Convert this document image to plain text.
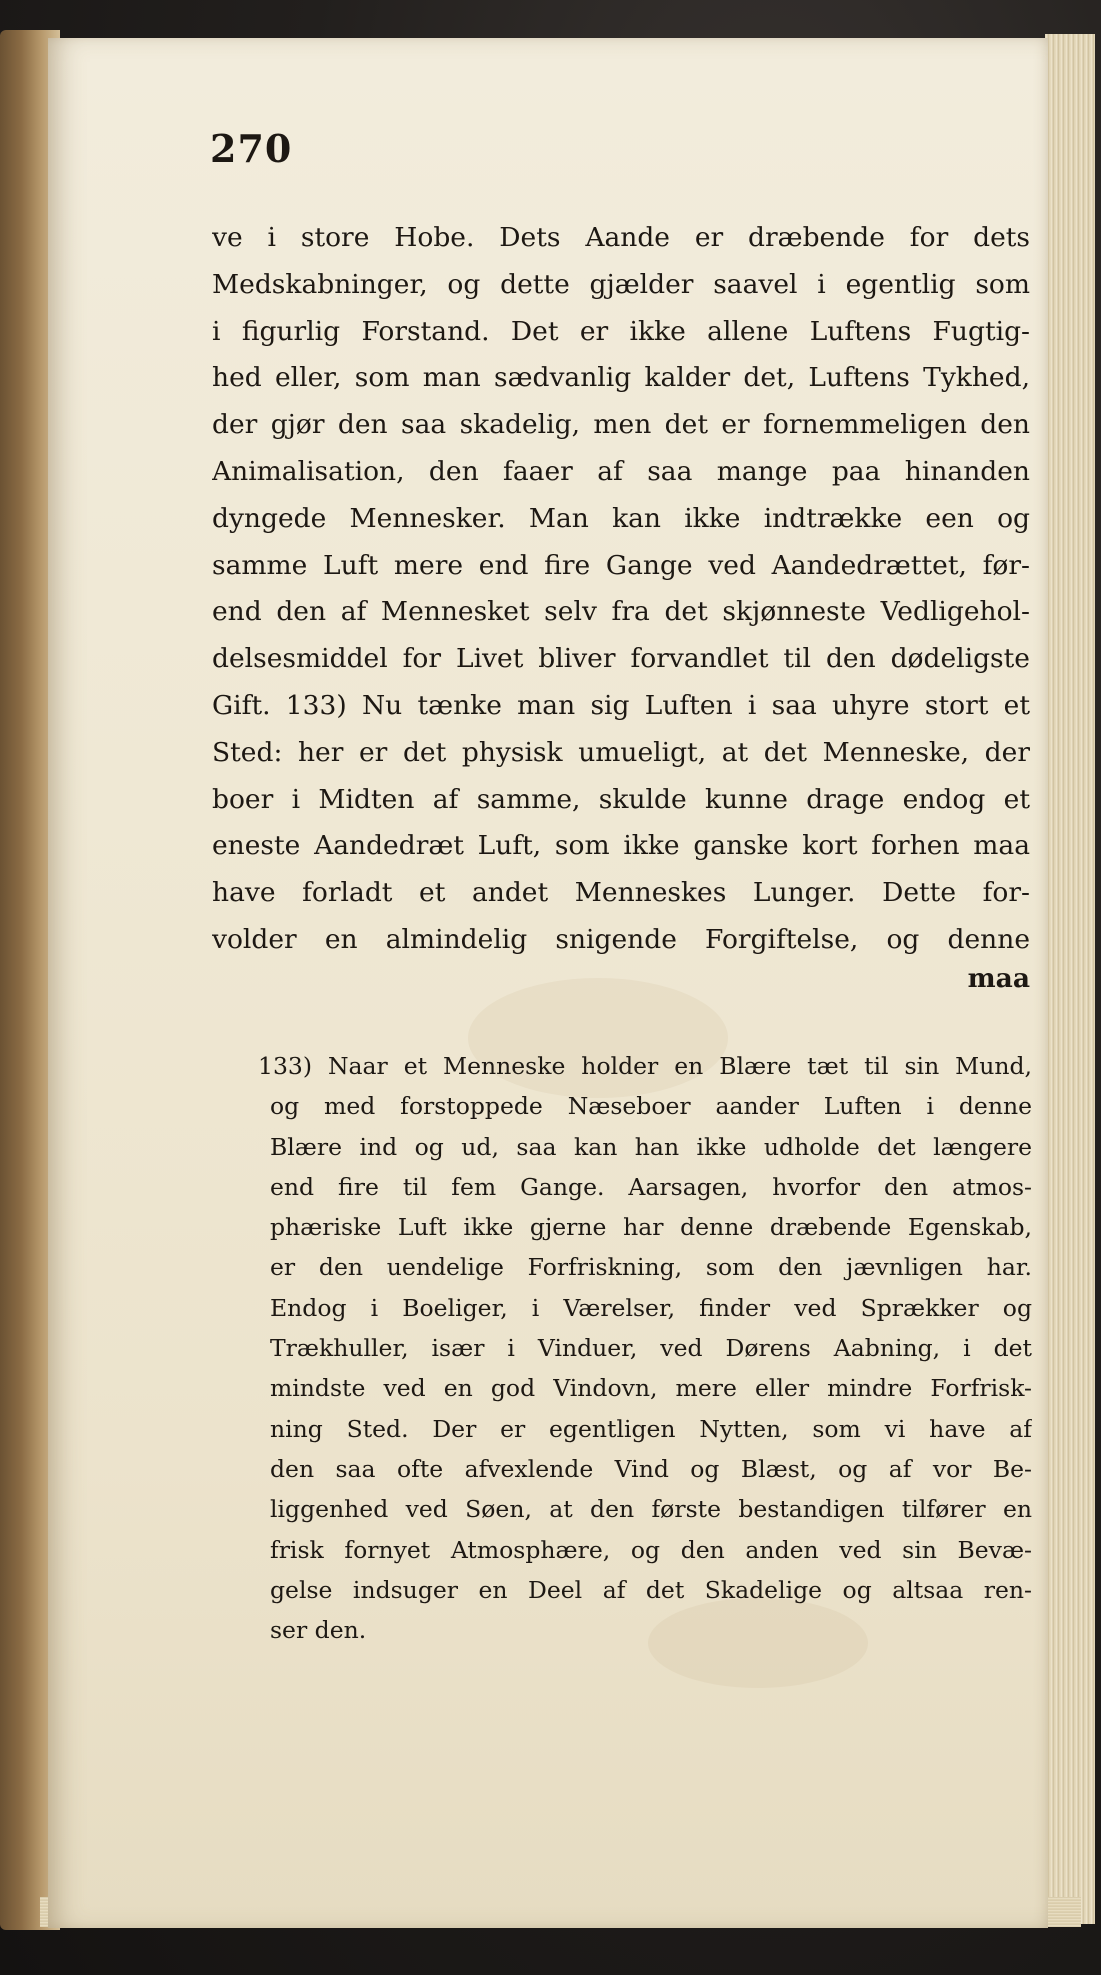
270
ve i store Hobe. Dets Aande er dræbende for dets
Medskabninger, og dette gjælder saavel i egentlig som
i figurlig Forstand. Det er ikke allene Luftens Fugtig-
hed eller, som man sædvanlig kalder det, Luftens Tykhed,
der gjør den saa skadelig, men det er fornemmeligen den
Animalisation, den faaer af saa mange paa hinanden
dyngede Mennesker. Man kan ikke indtrække een og
samme Luft mere end fire Gange ved Aandedrættet, før-
end den af Mennesket selv fra det skjønneste Vedligehol-
delsesmiddel for Livet bliver forvandlet til den dødeligste
Gift. 133) Nu tænke man sig Luften i saa uhyre stort et
Sted: her er det physisk umueligt, at det Menneske, der
boer i Midten af samme, skulde kunne drage endog et
eneste Aandedræt Luft, som ikke ganske kort forhen maa
have forladt et andet Menneskes Lunger. Dette for-
volder en almindelig snigende Forgiftelse, og denne
maa
133) Naar et Menneske holder en Blære tæt til sin Mund,
og med forstoppede Næseboer aander Luften i denne
Blære ind og ud, saa kan han ikke udholde det længere
end fire til fem Gange. Aarsagen, hvorfor den atmos-
phæriske Luft ikke gjerne har denne dræbende Egenskab,
er den uendelige Forfriskning, som den jævnligen har.
Endog i Boeliger, i Værelser, finder ved Sprækker og
Trækhuller, især i Vinduer, ved Dørens Aabning, i det
mindste ved en god Vindovn, mere eller mindre Forfrisk-
ning Sted. Der er egentligen Nytten, som vi have af
den saa ofte afvexlende Vind og Blæst, og af vor Be-
liggenhed ved Søen, at den første bestandigen tilfører en
frisk fornyet Atmosphære, og den anden ved sin Bevæ-
gelse indsuger en Deel af det Skadelige og altsaa ren-
ser den.
